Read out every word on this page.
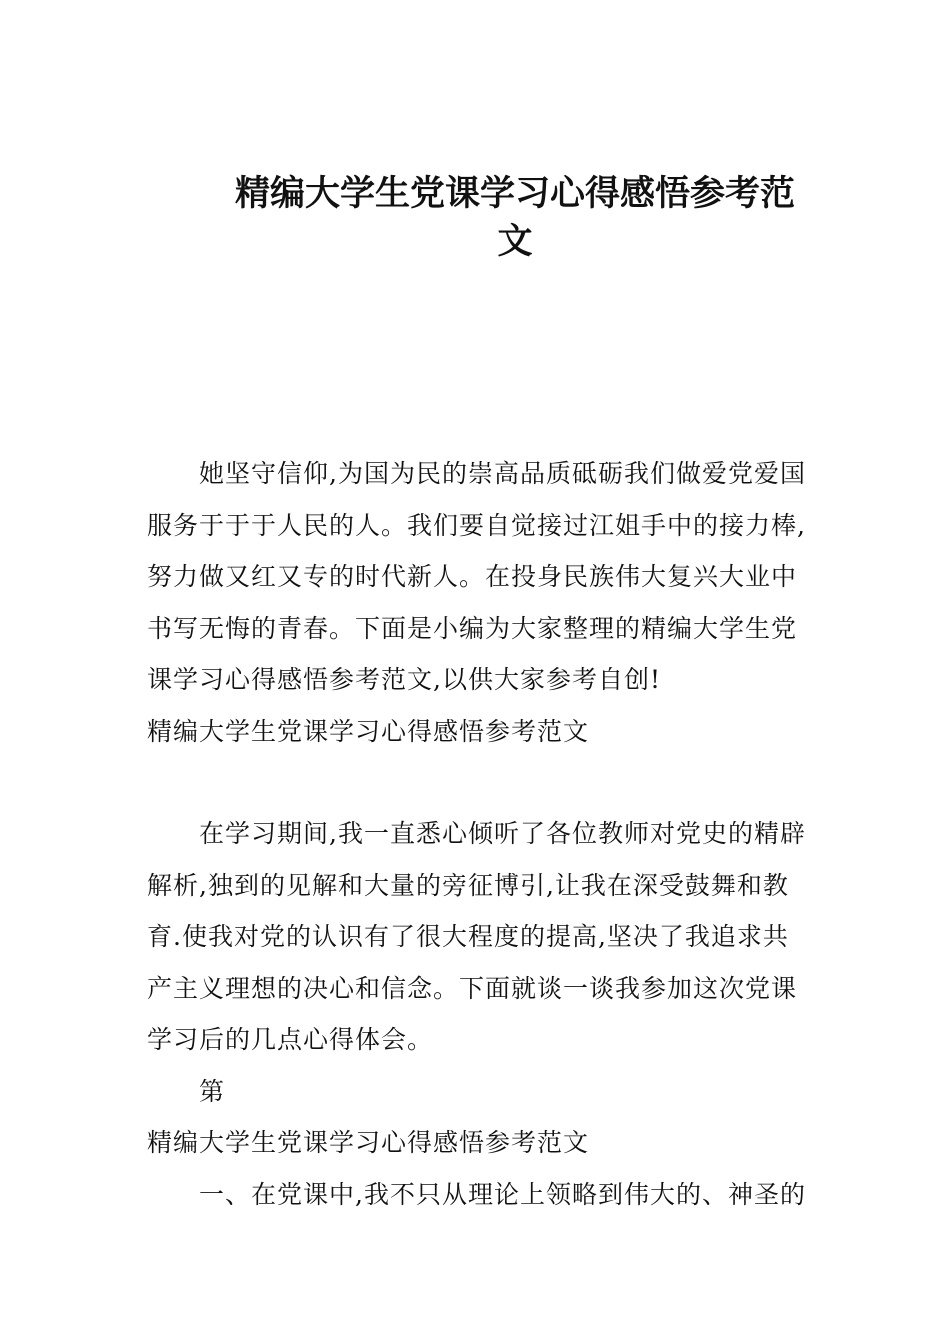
精编大学生党课学习心得感悟参考范文

她坚守信仰,为国为民的崇高品质砥砺我们做爱党爱国服务于于于人民的人。我们要自觉接过江姐手中的接力棒,努力做又红又专的时代新人。在投身民族伟大复兴大业中书写无悔的青春。下面是小编为大家整理的精编大学生党课学习心得感悟参考范文,以供大家参考自创!

精编大学生党课学习心得感悟参考范文

在学习期间,我一直悉心倾听了各位教师对党史的精辟解析,独到的见解和大量的旁征博引,让我在深受鼓舞和教育.使我对党的认识有了很大程度的提高,坚决了我追求共产主义理想的决心和信念。下面就谈一谈我参加这次党课学习后的几点心得体会。

第

精编大学生党课学习心得感悟参考范文

一、在党课中,我不只从理论上领略到伟大的、神圣的
